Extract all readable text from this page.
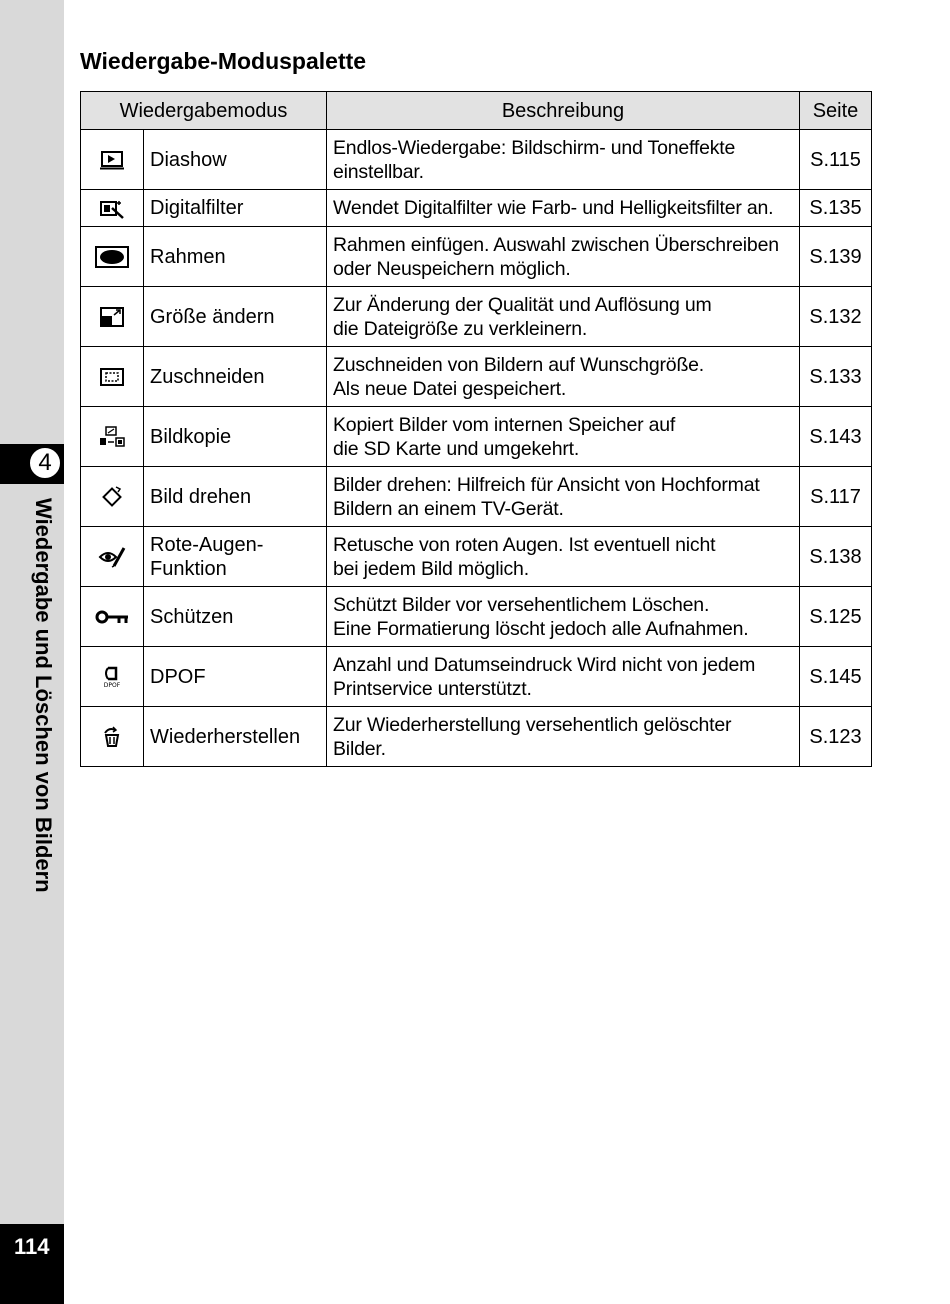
4
Wiedergabe und Löschen von Bildern
114
Wiedergabe-Moduspalette
Wiedergabemodus		Beschreibung	Seite

	Diashow	Endlos-Wiedergabe: Bildschirm- und Toneffekte
einstellbar.	S.115

	Digitalfilter	Wendet Digitalfilter wie Farb- und Helligkeitsfilter an.	S.135

	Rahmen	Rahmen einfügen. Auswahl zwischen Überschreiben
oder Neuspeichern möglich.	S.139

	Größe ändern	Zur Änderung der Qualität und Auflösung um
die Dateigröße zu verkleinern.	S.132

	Zuschneiden	Zuschneiden von Bildern auf Wunschgröße.
Als neue Datei gespeichert.	S.133

	Bildkopie	Kopiert Bilder vom internen Speicher auf
die SD Karte und umgekehrt.	S.143

	Bild drehen	Bilder drehen: Hilfreich für Ansicht von Hochformat
Bildern an einem TV-Gerät.	S.117

	Rote-Augen-
Funktion	Retusche von roten Augen. Ist eventuell nicht
bei jedem Bild möglich.	S.138

	Schützen	Schützt Bilder vor versehentlichem Löschen.
Eine Formatierung löscht jedoch alle Aufnahmen.	S.125

DPOF	DPOF	Anzahl und Datumseindruck Wird nicht von jedem
Printservice unterstützt.	S.145

	Wiederherstellen	Zur Wiederherstellung versehentlich gelöschter
Bilder.	S.123
